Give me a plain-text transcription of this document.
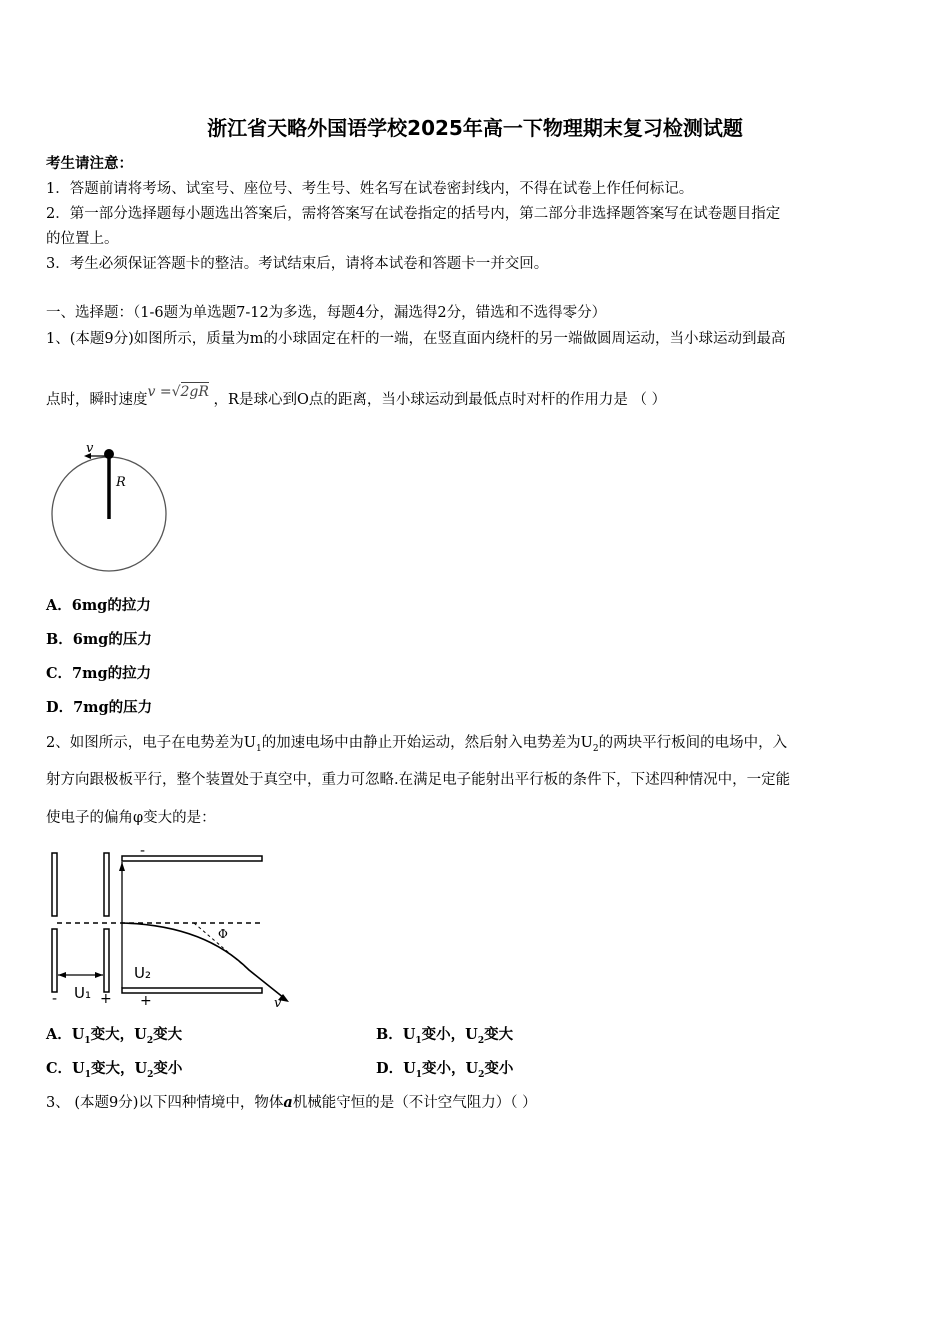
浙江省天略外国语学校2025年高一下物理期末复习检测试题
考生请注意：
1．答题前请将考场、试室号、座位号、考生号、姓名写在试卷密封线内，不得在试卷上作任何标记。
2．第一部分选择题每小题选出答案后，需将答案写在试卷指定的括号内，第二部分非选择题答案写在试卷题目指定
的位置上。
3．考生必须保证答题卡的整洁。考试结束后，请将本试卷和答题卡一并交回。
一、选择题：（1-6题为单选题7-12为多选，每题4分，漏选得2分，错选和不选得零分）
1、(本题9分)如图所示，质量为m的小球固定在杆的一端，在竖直面内绕杆的另一端做圆周运动，当小球运动到最高
点时，瞬时速度v =√2gR ，R是球心到O点的距离，当小球运动到最低点时对杆的作用力是 （ ）
v
R
A．6mg的拉力
B．6mg的压力
C．7mg的拉力
D．7mg的压力
2、如图所示，电子在电势差为$U_1$的加速电场中由静止开始运动，然后射入电势差为$U_2$的两块平行板间的电场中，入
射方向跟极板平行，整个装置处于真空中，重力可忽略.在满足电子能射出平行板的条件下，下述四种情况中，一定能
使电子的偏角φ变大的是：
-
Φ
U₂
U₁
-	+ +	v
A．$U_1$变大，$U_2$变大	B．$U_1$变小，$U_2$变大
C．$U_1$变大，$U_2$变小	D．$U_1$变小，$U_2$变小
3、 (本题9分)以下四种情境中，物体a机械能守恒的是（不计空气阻力）（ ）
